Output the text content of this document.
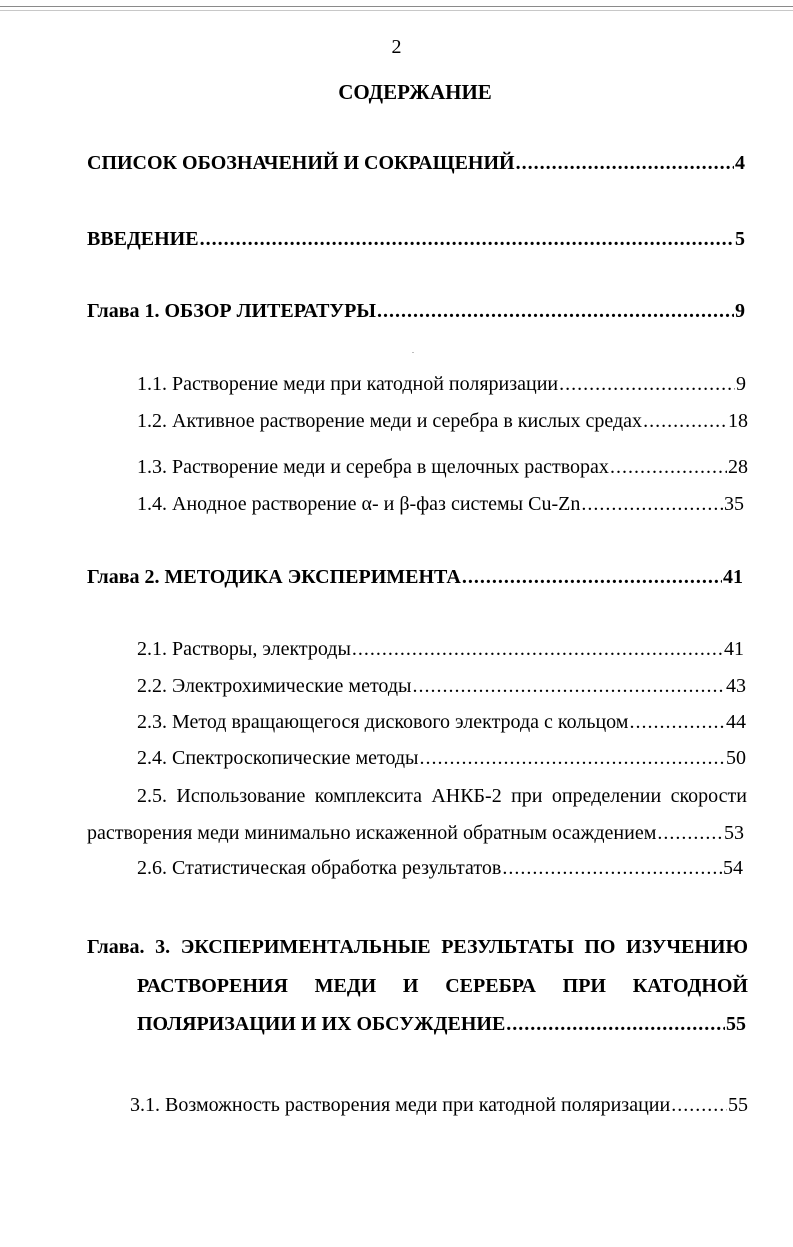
2
СОДЕРЖАНИЕ
СПИСОК ОБОЗНАЧЕНИЙ И СОКРАЩЕНИЙ .....	4
ВВЕДЕНИЕ .....	5
Глава 1. ОБЗОР ЛИТЕРАТУРЫ .....	9
1.1. Растворение меди при катодной поляризации .....	9
1.2. Активное растворение меди и серебра в кислых средах .....	18
1.3. Растворение меди и серебра в щелочных растворах .....	28
1.4. Анодное растворение α- и β-фаз системы Cu-Zn .....	35
Глава 2. МЕТОДИКА ЭКСПЕРИМЕНТА .....	41
2.1. Растворы, электроды .....	41
2.2. Электрохимические методы .....	43
2.3. Метод вращающегося дискового электрода с кольцом .....	44
2.4. Спектроскопические методы .....	50
2.5. Использование комплексита АНКБ-2 при определении скорости
растворения меди минимально искаженной обратным осаждением .....	53
2.6. Статистическая обработка результатов .....	54
Глава. 3. ЭКСПЕРИМЕНТАЛЬНЫЕ РЕЗУЛЬТАТЫ ПО ИЗУЧЕНИЮ
РАСТВОРЕНИЯ МЕДИ И СЕРЕБРА ПРИ КАТОДНОЙ
ПОЛЯРИЗАЦИИ И ИХ ОБСУЖДЕНИЕ .....	55
3.1. Возможность растворения меди при катодной поляризации .....	55
